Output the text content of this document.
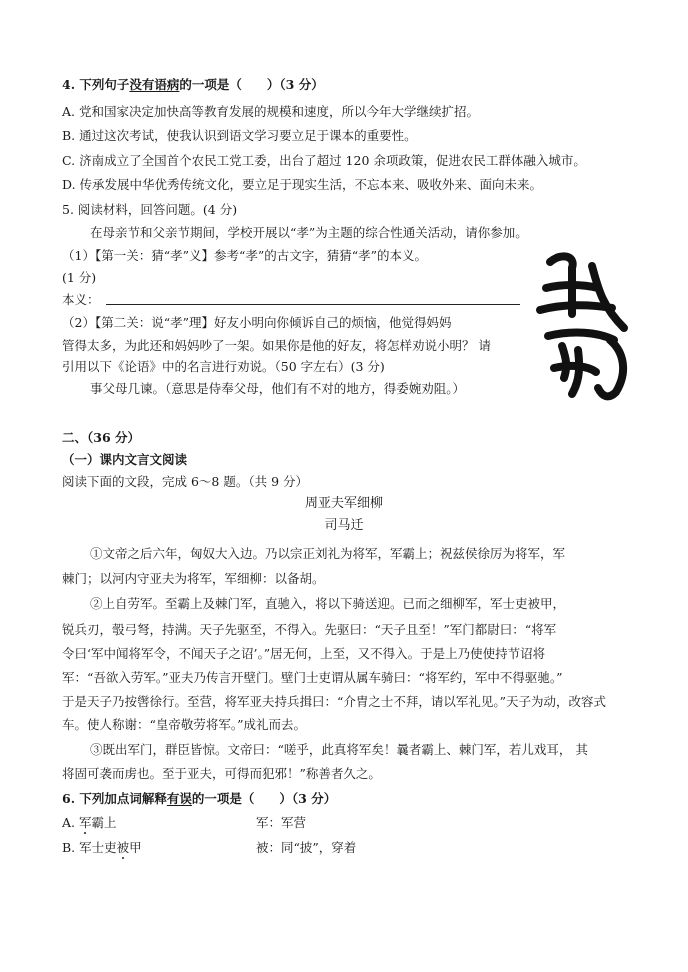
4. 下列句子没有语病的一项是（　　）（3 分）
A. 党和国家决定加快高等教育发展的规模和速度，所以今年大学继续扩招。
B. 通过这次考试，使我认识到语文学习要立足于课本的重要性。
C. 济南成立了全国首个农民工党工委，出台了超过 120 余项政策，促进农民工群体融入城市。
D. 传承发展中华优秀传统文化，要立足于现实生活，不忘本来、吸收外来、面向未来。
5. 阅读材料，回答问题。(4 分)
在母亲节和父亲节期间，学校开展以“孝”为主题的综合性通关活动，请你参加。
（1）【第一关：猜“孝”义】参考“孝”的古文字，猜猜“孝”的本义。
(1 分)
本义：
（2）【第二关：说“孝”理】好友小明向你倾诉自己的烦恼，他觉得妈妈
管得太多，为此还和妈妈吵了一架。如果你是他的好友，将怎样劝说小明？ 请
引用以下《论语》中的名言进行劝说。（50 字左右）(3 分)
事父母几谏。（意思是侍奉父母，他们有不对的地方，得委婉劝阻。）
二、（36 分）
（一）课内文言文阅读
阅读下面的文段，完成 6～8 题。（共 9 分）
周亚夫军细柳
司马迁
①文帝之后六年，匈奴大入边。乃以宗正刘礼为将军，军霸上；祝兹侯徐厉为将军，军
棘门；以河内守亚夫为将军，军细柳：以备胡。
②上自劳军。至霸上及棘门军，直驰入，将以下骑送迎。已而之细柳军，军士吏被甲，
锐兵刃，彀弓弩，持满。天子先驱至，不得入。先驱曰：“天子且至！”军门都尉曰：“将军
令曰‘军中闻将军令，不闻天子之诏’。”居无何，上至，又不得入。于是上乃使使持节诏将
军：“吾欲入劳军。”亚夫乃传言开壁门。壁门士吏谓从属车骑曰：“将军约，军中不得驱驰。”
于是天子乃按辔徐行。至营，将军亚夫持兵揖曰：“介胄之士不拜，请以军礼见。”天子为动，改容式
车。使人称谢：“皇帝敬劳将军。”成礼而去。
③既出军门，群臣皆惊。文帝曰：“嗟乎，此真将军矣！曩者霸上、棘门军，若儿戏耳， 其
将固可袭而虏也。至于亚夫，可得而犯邪！”称善者久之。
6. 下列加点词解释有误的一项是（　　）（3 分）
A. 军霸上	军：军营
B. 军士吏被甲	被：同“披”，穿着
